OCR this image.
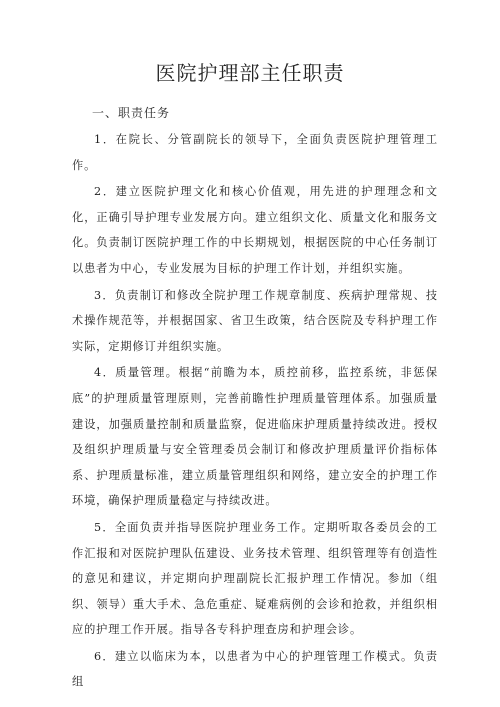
医院护理部主任职责

一、职责任务

1．在院长、分管副院长的领导下，全面负责医院护理管理工作。

2．建立医院护理文化和核心价值观，用先进的护理理念和文化，正确引导护理专业发展方向。建立组织文化、质量文化和服务文化。负责制订医院护理工作的中长期规划，根据医院的中心任务制订以患者为中心，专业发展为目标的护理工作计划，并组织实施。

3．负责制订和修改全院护理工作规章制度、疾病护理常规、技术操作规范等，并根据国家、省卫生政策，结合医院及专科护理工作实际，定期修订并组织实施。

4．质量管理。根据“前瞻为本，质控前移，监控系统，非惩保底”的护理质量管理原则，完善前瞻性护理质量管理体系。加强质量建设，加强质量控制和质量监察，促进临床护理质量持续改进。授权及组织护理质量与安全管理委员会制订和修改护理质量评价指标体系、护理质量标准，建立质量管理组织和网络，建立安全的护理工作环境，确保护理质量稳定与持续改进。

5．全面负责并指导医院护理业务工作。定期听取各委员会的工作汇报和对医院护理队伍建设、业务技术管理、组织管理等有创造性的意见和建议，并定期向护理副院长汇报护理工作情况。参加（组织、领导）重大手术、急危重症、疑难病例的会诊和抢救，并组织相应的护理工作开展。指导各专科护理查房和护理会诊。

6．建立以临床为本，以患者为中心的护理管理工作模式。负责组
